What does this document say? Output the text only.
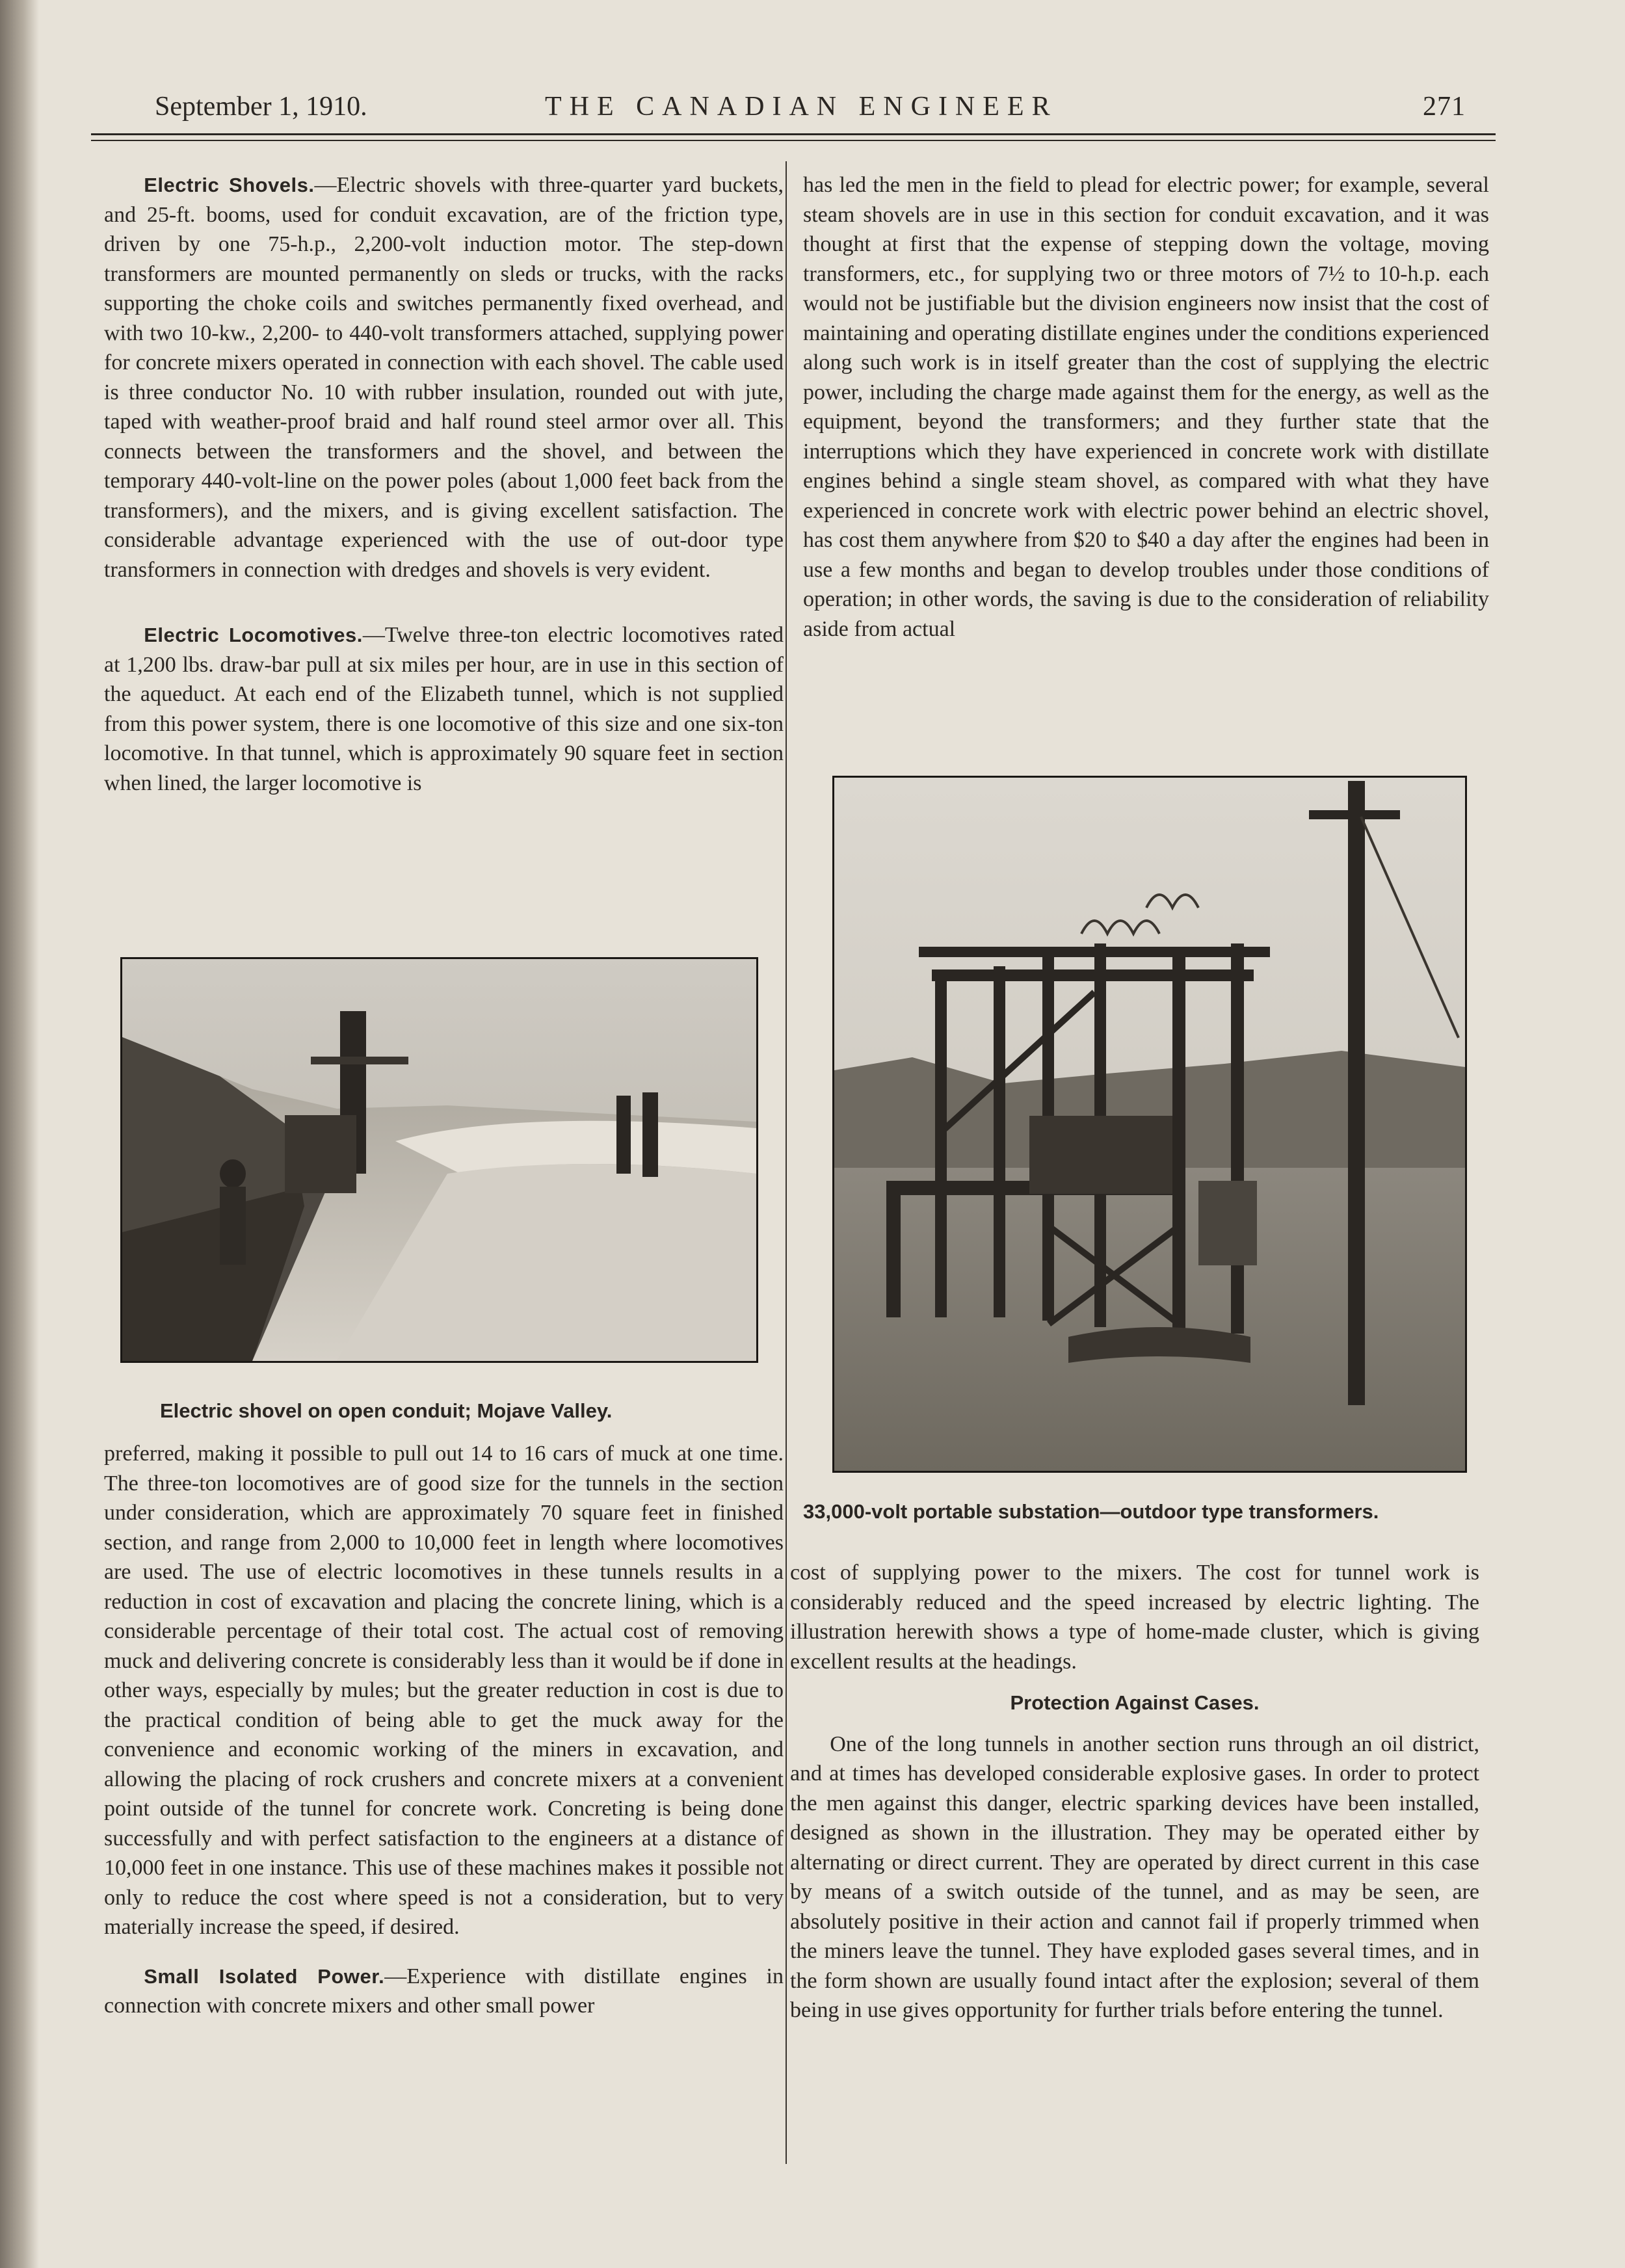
September 1, 1910.	THE CANADIAN ENGINEER	271

Electric Shovels.—Electric shovels with three-quarter yard buckets, and 25-ft. booms, used for conduit excavation, are of the friction type, driven by one 75-h.p., 2,200-volt induction motor. The step-down transformers are mounted permanently on sleds or trucks, with the racks supporting the choke coils and switches permanently fixed overhead, and with two 10-kw., 2,200- to 440-volt transformers attached, supplying power for concrete mixers operated in connection with each shovel. The cable used is three conductor No. 10 with rubber insulation, rounded out with jute, taped with weather-proof braid and half round steel armor over all. This connects between the transformers and the shovel, and between the temporary 440-volt-line on the power poles (about 1,000 feet back from the transformers), and the mixers, and is giving excellent satisfaction. The considerable advantage experienced with the use of out-door type transformers in connection with dredges and shovels is very evident.

Electric Locomotives.—Twelve three-ton electric locomotives rated at 1,200 lbs. draw-bar pull at six miles per hour, are in use in this section of the aqueduct. At each end of the Elizabeth tunnel, which is not supplied from this power system, there is one locomotive of this size and one six-ton locomotive. In that tunnel, which is approximately 90 square feet in section when lined, the larger locomotive is

Electric shovel on open conduit; Mojave Valley.

preferred, making it possible to pull out 14 to 16 cars of muck at one time. The three-ton locomotives are of good size for the tunnels in the section under consideration, which are approximately 70 square feet in finished section, and range from 2,000 to 10,000 feet in length where locomotives are used. The use of electric locomotives in these tunnels results in a reduction in cost of excavation and placing the concrete lining, which is a considerable percentage of their total cost. The actual cost of removing muck and delivering concrete is considerably less than it would be if done in other ways, especially by mules; but the greater reduction in cost is due to the practical condition of being able to get the muck away for the convenience and economic working of the miners in excavation, and allowing the placing of rock crushers and concrete mixers at a convenient point outside of the tunnel for concrete work. Concreting is being done successfully and with perfect satisfaction to the engineers at a distance of 10,000 feet in one instance. This use of these machines makes it possible not only to reduce the cost where speed is not a consideration, but to very materially increase the speed, if desired.

Small Isolated Power.—Experience with distillate engines in connection with concrete mixers and other small power

has led the men in the field to plead for electric power; for example, several steam shovels are in use in this section for conduit excavation, and it was thought at first that the expense of stepping down the voltage, moving transformers, etc., for supplying two or three motors of 7½ to 10-h.p. each would not be justifiable but the division engineers now insist that the cost of maintaining and operating distillate engines under the conditions experienced along such work is in itself greater than the cost of supplying the electric power, including the charge made against them for the energy, as well as the equipment, beyond the transformers; and they further state that the interruptions which they have experienced in concrete work with distillate engines behind a single steam shovel, as compared with what they have experienced in concrete work with electric power behind an electric shovel, has cost them anywhere from $20 to $40 a day after the engines had been in use a few months and began to develop troubles under those conditions of operation; in other words, the saving is due to the consideration of reliability aside from actual

33,000-volt portable substation—outdoor type transformers.

cost of supplying power to the mixers. The cost for tunnel work is considerably reduced and the speed increased by electric lighting. The illustration herewith shows a type of home-made cluster, which is giving excellent results at the headings.

Protection Against Cases.

One of the long tunnels in another section runs through an oil district, and at times has developed considerable explosive gases. In order to protect the men against this danger, electric sparking devices have been installed, designed as shown in the illustration. They may be operated either by alternating or direct current. They are operated by direct current in this case by means of a switch outside of the tunnel, and as may be seen, are absolutely positive in their action and cannot fail if properly trimmed when the miners leave the tunnel. They have exploded gases several times, and in the form shown are usually found intact after the explosion; several of them being in use gives opportunity for further trials before entering the tunnel.
